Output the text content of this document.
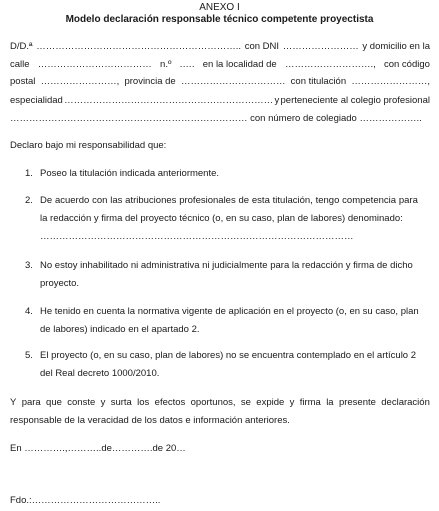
ANEXO I
Modelo declaración responsable técnico competente proyectista
D/D.ª ……………………………………………………….. con DNI …………………… y domicilio en la
calle ……………………………… n.º .…. en la localidad de ………………………., con código
postal ……………………, provincia de …………………………… con titulación ……………………,
especialidad ………………………………………………………… y perteneciente al colegio profesional
………………………………………………………………… con número de colegiado ………………..
Declaro bajo mi responsabilidad que:
1. Poseo la titulación indicada anteriormente.
2. De acuerdo con las atribuciones profesionales de esta titulación, tengo competencia para
la redacción y firma del proyecto técnico (o, en su caso, plan de labores) denominado:
………………………………………………………………………………………
3. No estoy inhabilitado ni administrativa ni judicialmente para la redacción y firma de dicho
proyecto.
4. He tenido en cuenta la normativa vigente de aplicación en el proyecto (o, en su caso, plan
de labores) indicado en el apartado 2.
5. El proyecto (o, en su caso, plan de labores) no se encuentra contemplado en el artículo 2
del Real decreto 1000/2010.
Y para que conste y surta los efectos oportunos, se expide y firma la presente declaración
responsable de la veracidad de los datos e información anteriores.
En ………….,………..de………….de 20…
Fdo.:…………………………………..
